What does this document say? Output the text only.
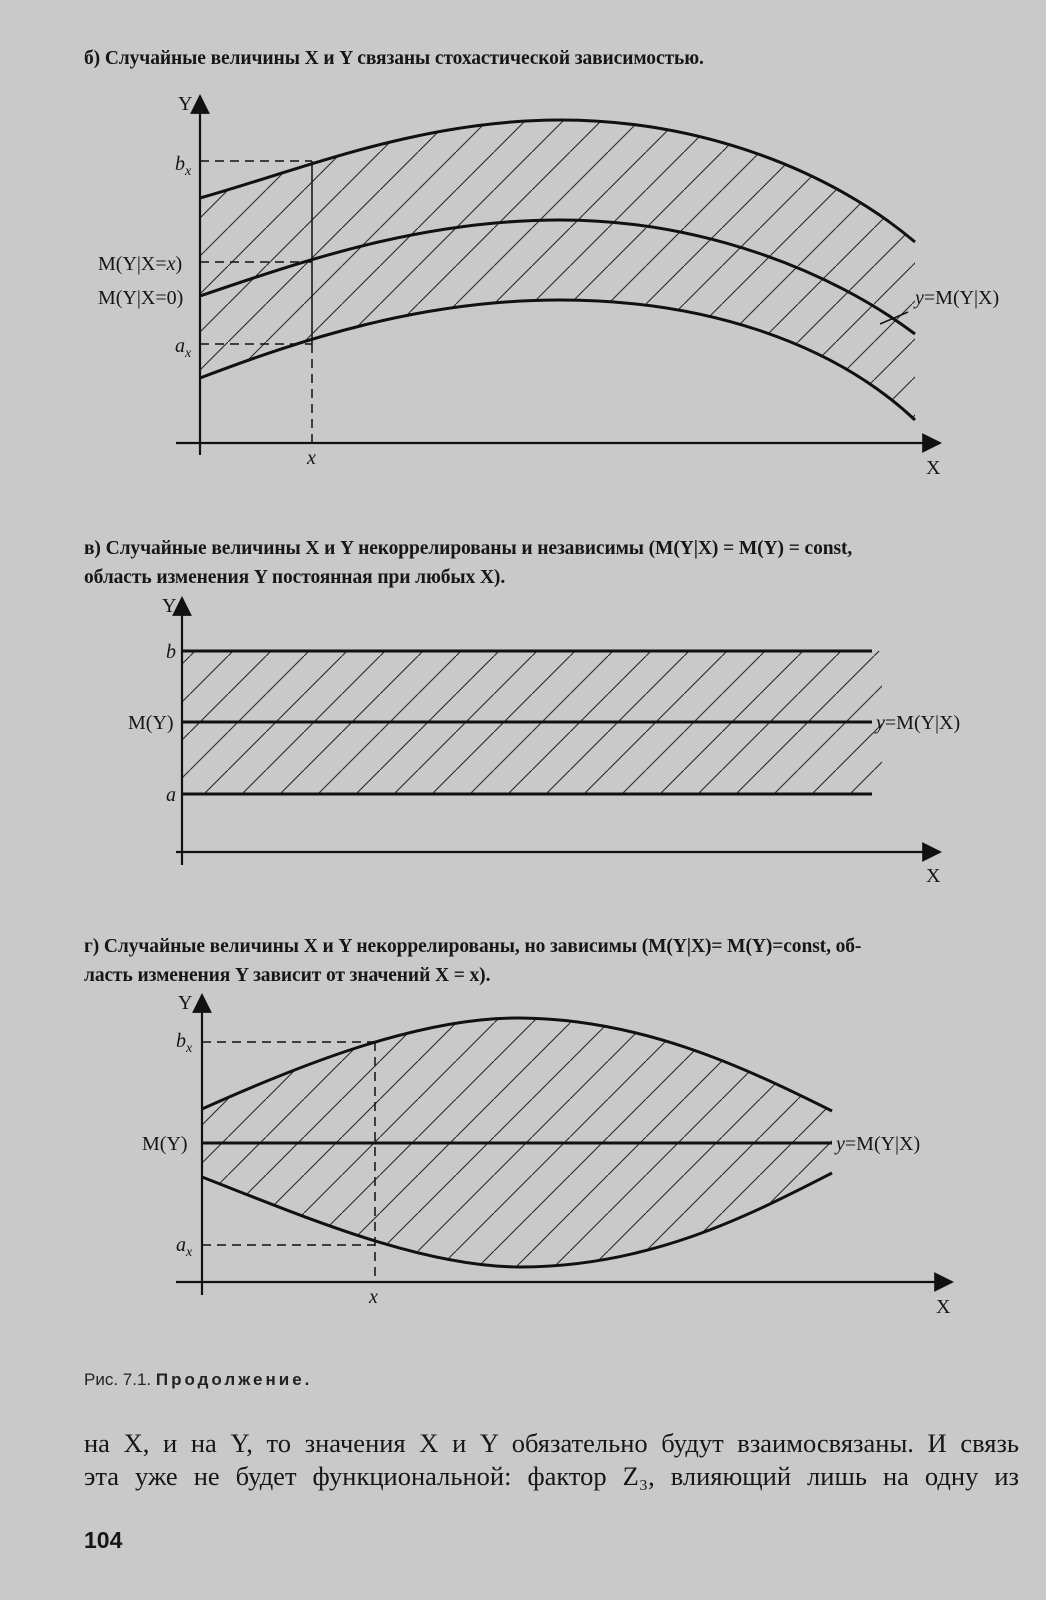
б) Случайные величины X и Y связаны стохастической зависимостью.
Y
X
$b_x$
M(Y|X=x)
M(Y|X=0)
$a_x$
x
y=M(Y|X)
в) Случайные величины X и Y некоррелированы и независимы (M(Y|X) = M(Y) = const,
область изменения Y постоянная при любых X).
Y
X
b
M(Y)
a
y=M(Y|X)
г) Случайные величины X и Y некоррелированы, но зависимы (M(Y|X)= M(Y)=const, об-
ласть изменения Y зависит от значений X = x).
Y
X
$b_x$
M(Y)
$a_x$
x
y=M(Y|X)
Рис. 7.1. Продолжение.
на X, и на Y, то значения X и Y обязательно будут взаимосвязаны. И связь
эта уже не будет функциональной: фактор Z₃, влияющий лишь на одну из
104
